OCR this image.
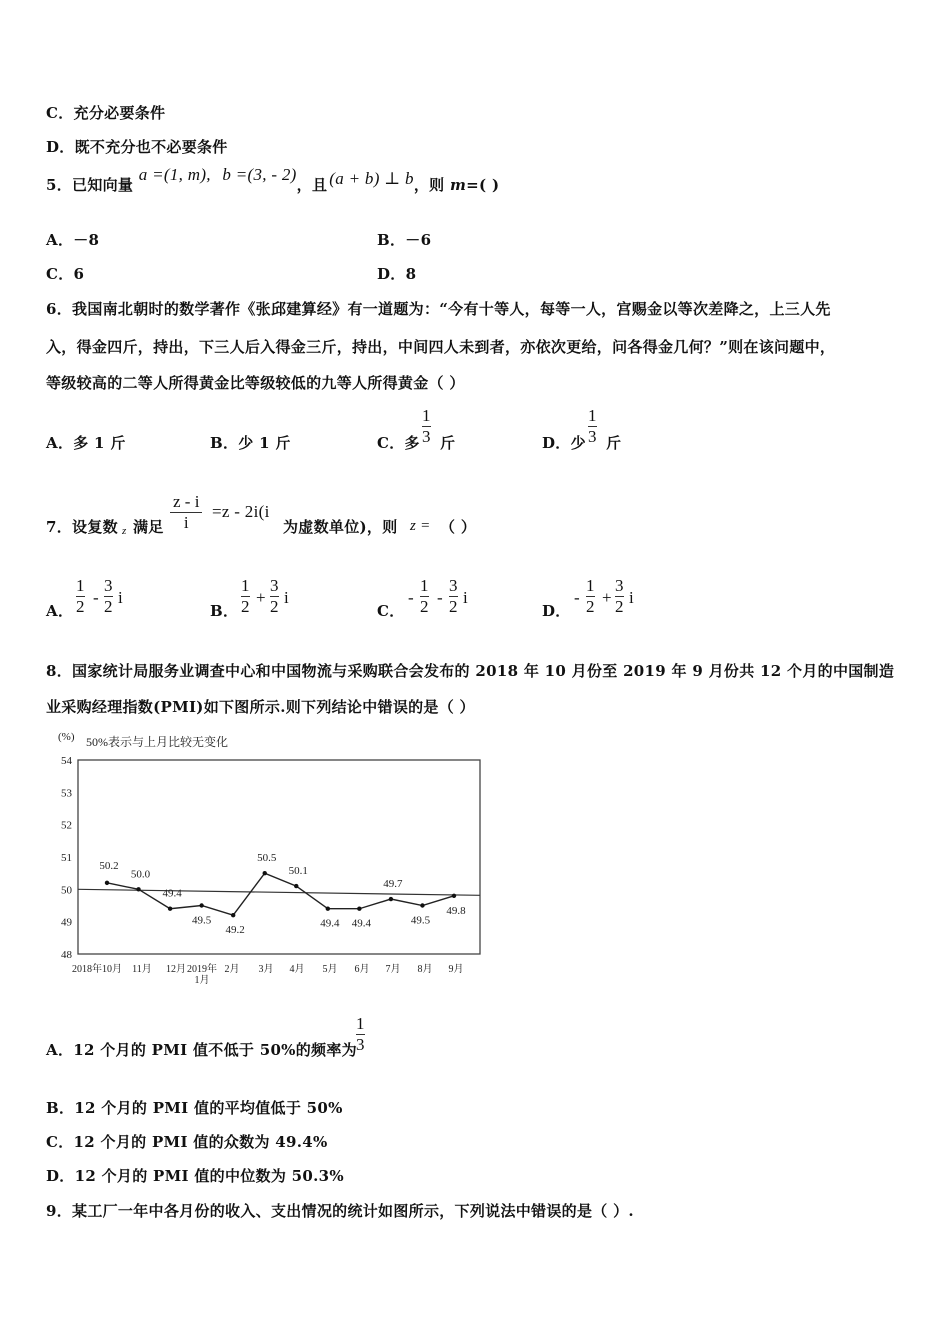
C．充分必要条件
D．既不充分也不必要条件
5．已知向量 a =(1, m), b =(3, - 2)，且 (a + b) ⊥ b，则 m=( )
A．－8	B．－6
C．6	D．8
6．我国南北朝时的数学著作《张邱建算经》有一道题为：“今有十等人，每等一人，宫赐金以等次差降之，上三人先
入，得金四斤，持出，下三人后入得金三斤，持出，中间四人未到者，亦依次更给，问各得金几何？”则在该问题中，
等级较高的二等人所得黄金比等级较低的九等人所得黄金（ ）
A．多 1 斤	B．少 1 斤	C．多 $\frac{1}{3}$ 斤	D．少 $\frac{1}{3}$ 斤
7．设复数 z 满足 $\frac{z - i}{i} =z - 2i(i$
为虚数单位)，则 z = （ ）
A． $\frac{1}{2} - \frac{3}{2}$ i
B． $\frac{1}{2} + \frac{3}{2}$ i
C．
- $\frac{1}{2} - \frac{3}{2}$ i
D．
- $\frac{1}{2} + \frac{3}{2}$ i
8．国家统计局服务业调查中心和中国物流与采购联合会发布的 2018 年 10 月份至 2019 年 9 月份共 12 个月的中国制造
业采购经理指数(PMI)如下图所示.则下列结论中错误的是（ ）
(%) 50%表示与上月比较无变化
54
53
52
51
50
49
48
2018年10月 11月 12月 2019年
1月
2月 3月 4月 5月 6月 7月 8月 9月
50.2
50.0
49.4
49.5
49.2
50.5
50.1
49.4 49.4
49.7
49.5
49.8
A．12 个月的 PMI 值不低于 50%的频率为 $\frac{1}{3}$
B．12 个月的 PMI 值的平均值低于 50%
C．12 个月的 PMI 值的众数为 49.4%
D．12 个月的 PMI 值的中位数为 50.3%
9．某工厂一年中各月份的收入、支出情况的统计如图所示，下列说法中错误的是（ ）.
